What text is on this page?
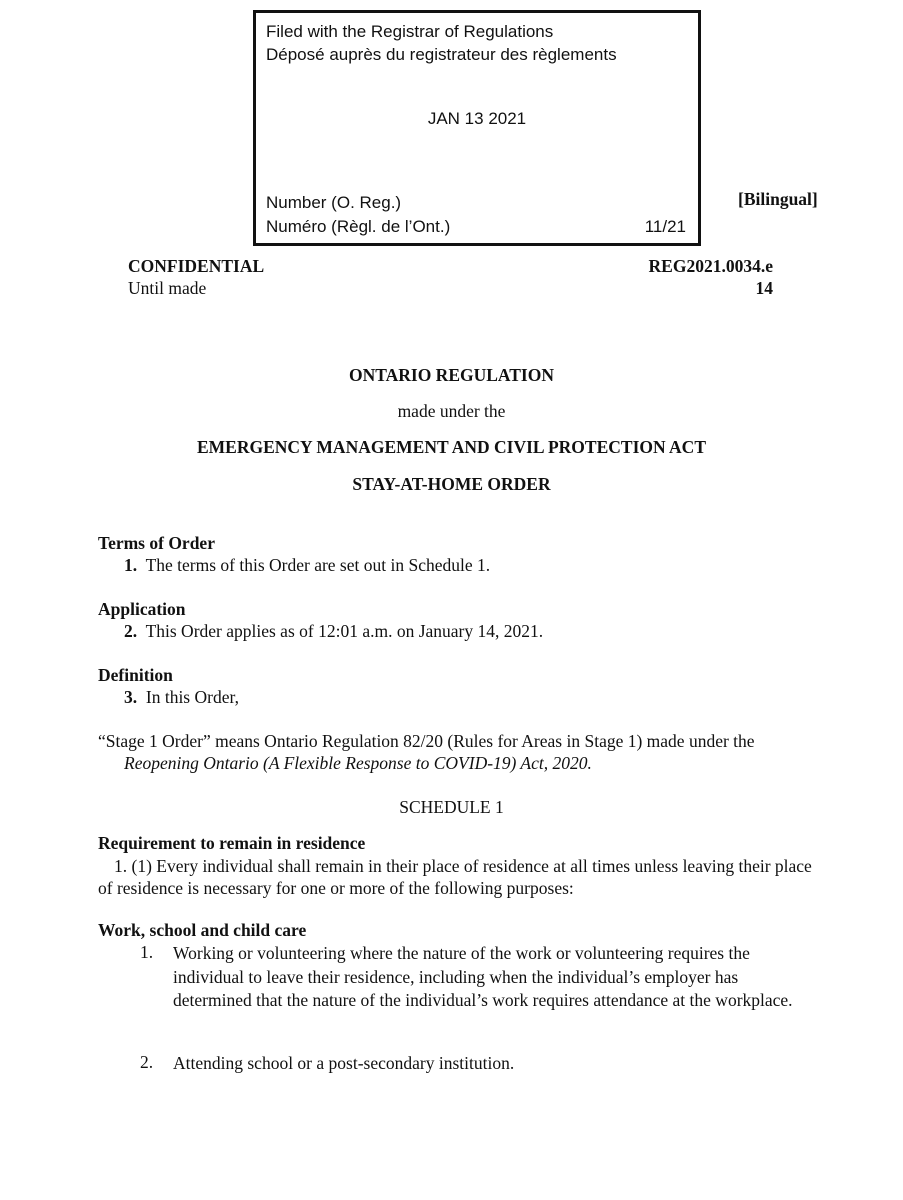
Filed with the Registrar of Regulations
Déposé auprès du registrateur des règlements
JAN 13 2021
Number (O. Reg.)
Numéro (Règl. de l’Ont.)	11/21
[Bilingual]
CONFIDENTIAL
Until made
REG2021.0034.e
14
ONTARIO REGULATION
made under the
EMERGENCY MANAGEMENT AND CIVIL PROTECTION ACT
STAY-AT-HOME ORDER
Terms of Order
1. The terms of this Order are set out in Schedule 1.
Application
2. This Order applies as of 12:01 a.m. on January 14, 2021.
Definition
3. In this Order,
“Stage 1 Order” means Ontario Regulation 82/20 (Rules for Areas in Stage 1) made under the
Reopening Ontario (A Flexible Response to COVID-19) Act, 2020.
SCHEDULE 1
Requirement to remain in residence
1. (1) Every individual shall remain in their place of residence at all times unless leaving their place of residence is necessary for one or more of the following purposes:
Work, school and child care
1. Working or volunteering where the nature of the work or volunteering requires the individual to leave their residence, including when the individual’s employer has determined that the nature of the individual’s work requires attendance at the workplace.
2. Attending school or a post-secondary institution.
